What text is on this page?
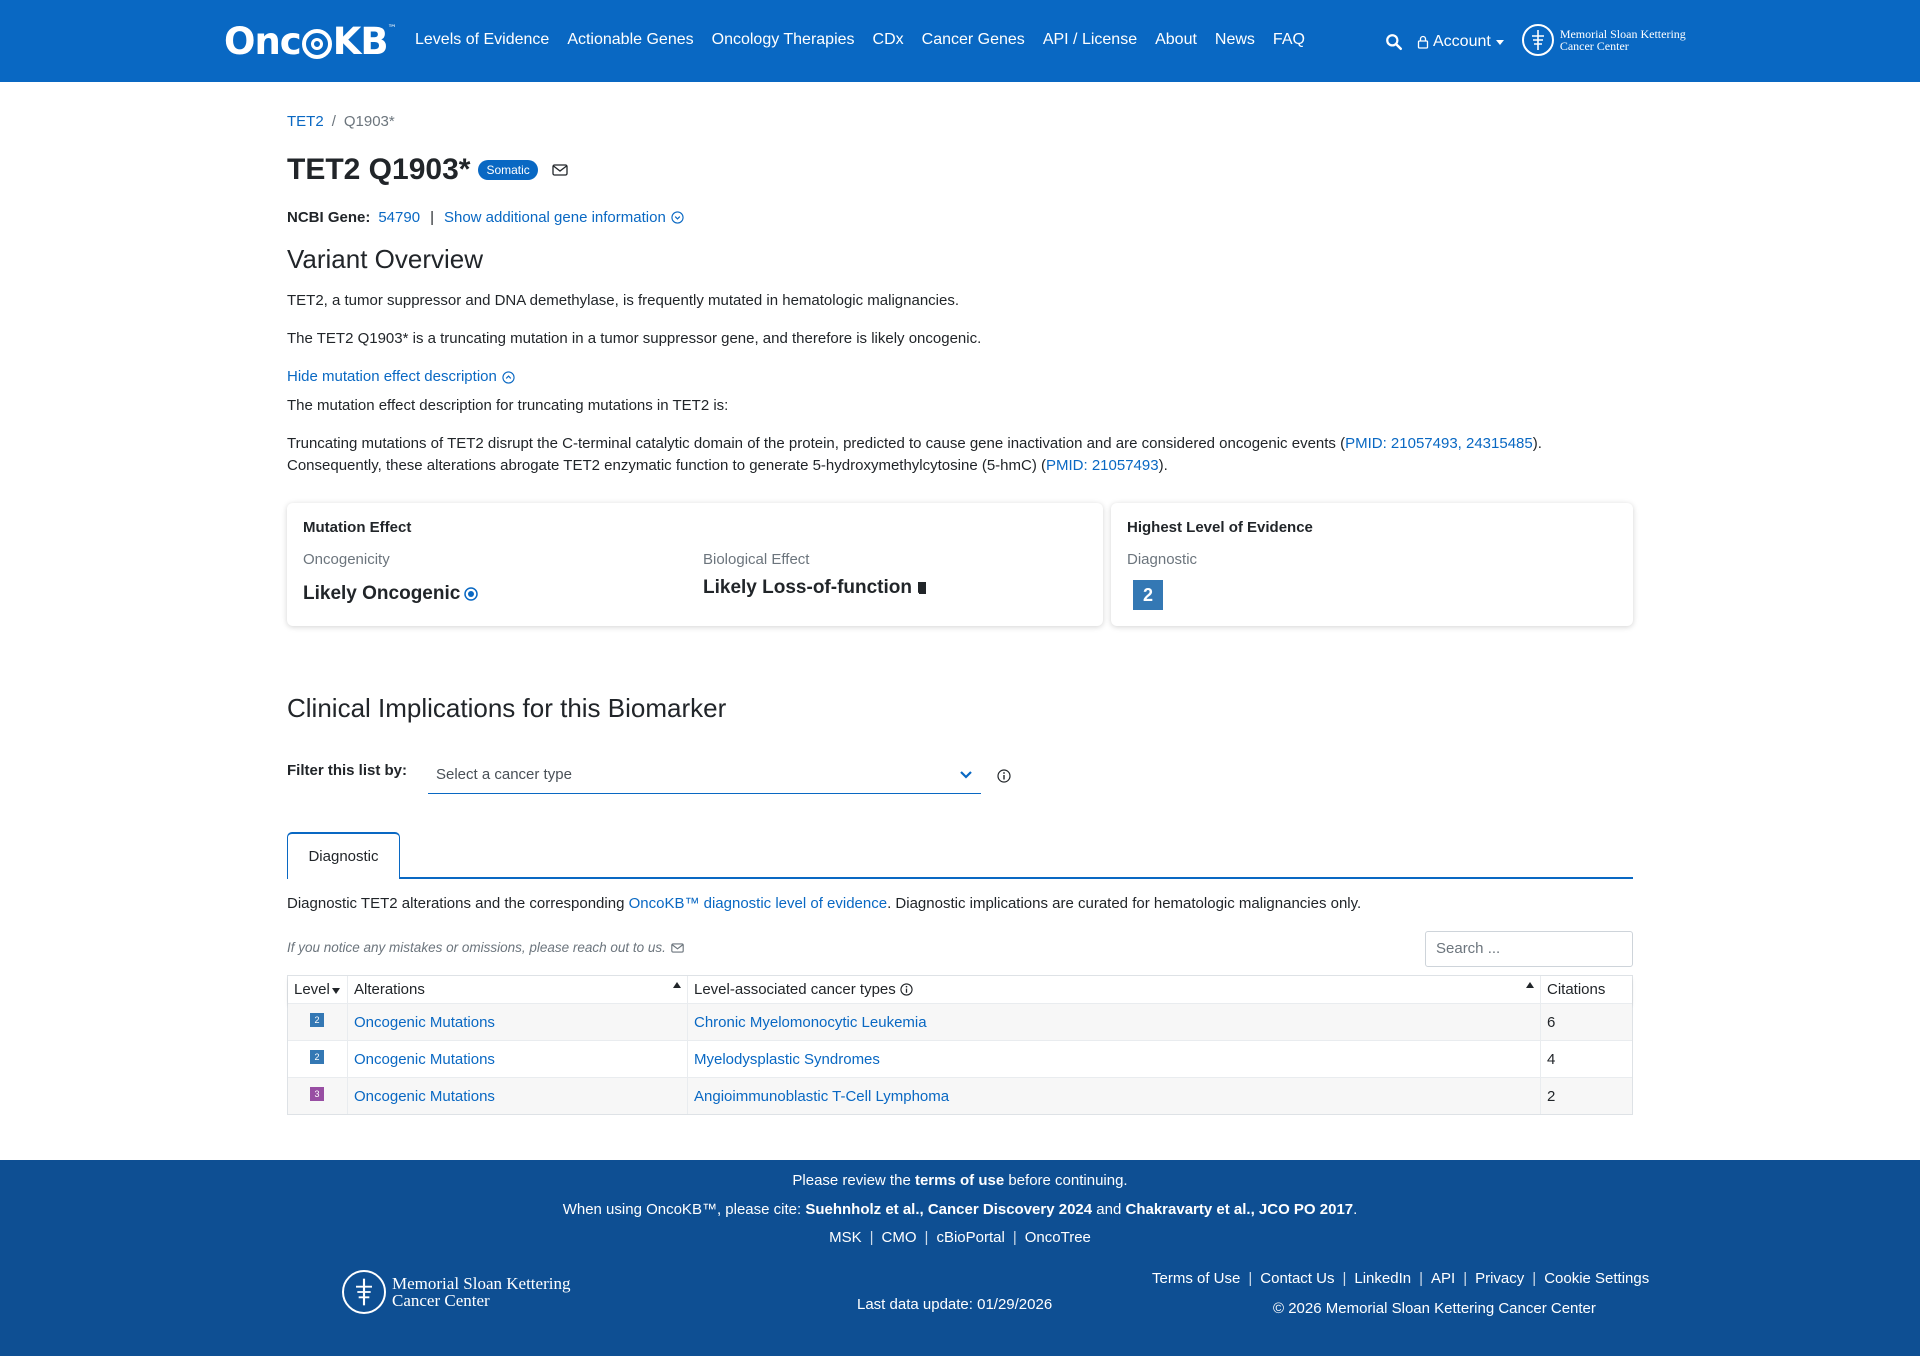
Onc KB ™
Levels of Evidence Actionable Genes Oncology Therapies CDx Cancer Genes API / License About News FAQ	Account	Memorial Sloan Kettering
Cancer Center
TET2 / Q1903*
TET2 Q1903*	Somatic
NCBI Gene: 54790 | Show additional gene information
Variant Overview
TET2, a tumor suppressor and DNA demethylase, is frequently mutated in hematologic malignancies.
The TET2 Q1903* is a truncating mutation in a tumor suppressor gene, and therefore is likely oncogenic.
Hide mutation effect description
The mutation effect description for truncating mutations in TET2 is:
Truncating mutations of TET2 disrupt the C-terminal catalytic domain of the protein, predicted to cause gene inactivation and are considered oncogenic events (PMID: 21057493, 24315485). Consequently, these alterations abrogate TET2 enzymatic function to generate 5-hydroxymethylcytosine (5-hmC) (PMID: 21057493).
Mutation Effect
Oncogenicity
Likely Oncogenic
Biological Effect
Likely Loss-of-function
Highest Level of Evidence
Diagnostic
2
Clinical Implications for this Biomarker
Filter this list by:	Select a cancer type
Diagnostic
Diagnostic TET2 alterations and the corresponding OncoKB™ diagnostic level of evidence. Diagnostic implications are curated for hematologic malignancies only.
If you notice any mistakes or omissions, please reach out to us.	Search ...
Level Alterations	Level-associated cancer types	Citations
2	Oncogenic Mutations	Chronic Myelomonocytic Leukemia	6
2	Oncogenic Mutations	Myelodysplastic Syndromes	4
3	Oncogenic Mutations	Angioimmunoblastic T-Cell Lymphoma	2
Please review the terms of use before continuing.
When using OncoKB™, please cite: Suehnholz et al., Cancer Discovery 2024 and Chakravarty et al., JCO PO 2017.
MSK | CMO | cBioPortal | OncoTree
Memorial Sloan Kettering
Cancer Center	Last data update: 01/29/2026
Terms of Use | Contact Us | LinkedIn | API | Privacy | Cookie Settings
© 2026 Memorial Sloan Kettering Cancer Center
